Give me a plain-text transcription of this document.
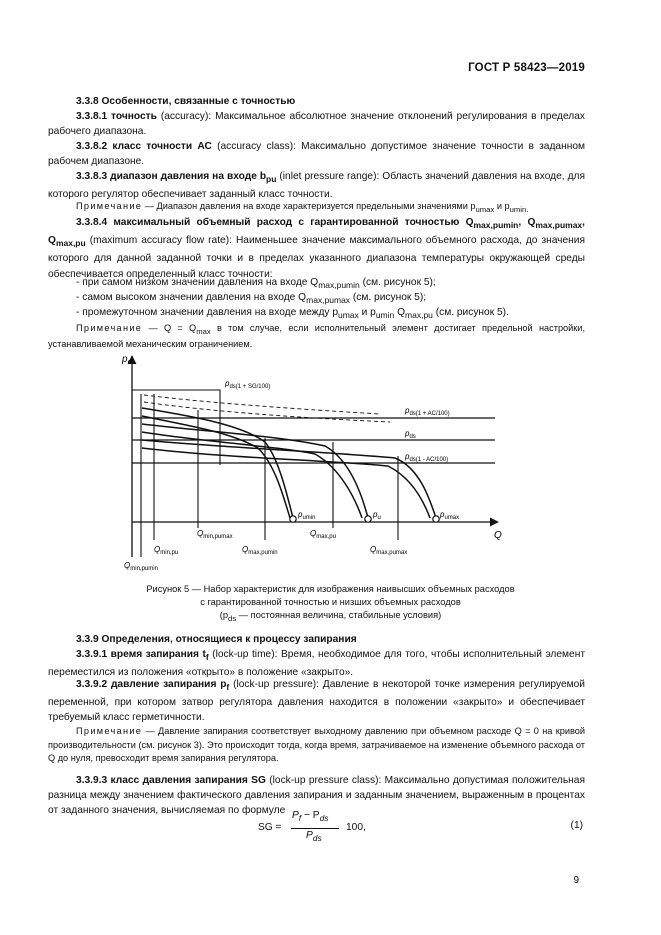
ГОСТ Р 58423—2019
3.3.8 Особенности, связанные с точностью
3.3.8.1 точность (accuracy): Максимальное абсолютное значение отклонений регулирования в пределах рабочего диапазона.
3.3.8.2 класс точности АС (accuracy class): Максимально допустимое значение точности в заданном рабочем диапазоне.
3.3.8.3 диапазон давления на входе $b_{pu}$ (inlet pressure range): Область значений давления на входе, для которого регулятор обеспечивает заданный класс точности.
Примечание — Диапазон давления на входе характеризуется предельными значениями $p_{umax}$ и $p_{umin.}$
3.3.8.4 максимальный объемный расход с гарантированной точностью $Q_{max,pumin}$, $Q_{max,pumax}$, $Q_{max,pu}$ (maximum accuracy flow rate): Наименьшее значение максимального объемного расхода, до значения которого для данной заданной точки и в пределах указанного диапазона температуры окружающей среды обеспечивается определенный класс точности:
- при самом низком значении давления на входе $Q_{max,pumin}$ (см. рисунок 5);
- самом высоком значении давления на входе $Q_{max,pumax}$ (см. рисунок 5);
- промежуточном значении давления на входе между $p_{umax}$ и $p_{umin}$ $Q_{max,pu}$ (см. рисунок 5).
Примечание — $Q = Q_{max}$ в том случае, если исполнительный элемент достигает предельной настройки, устанавливаемой механическим ограничением.
$p_d$
Q
$p_{ds(1 + SG/100)}$
$p_{ds(1 + AC/100)}$
$p_{ds}$
$p_{ds(1 - AC/100)}$
$p_{umin}$	$p_u$	$p_{umax}$
$Q_{min,pumax}$
$Q_{min,pu}$
$Q_{min,pumin}$
$Q_{max,pumin}$
$Q_{max,pu}$
$Q_{max,pumax}$
Рисунок 5 — Набор характеристик для изображения наивысших объемных расходов
с гарантированной точностью и низших объемных расходов
($p_{ds}$ — постоянная величина, стабильные условия)
3.3.9 Определения, относящиеся к процессу запирания
3.3.9.1 время запирания $t_f$ (lock-up time): Время, необходимое для того, чтобы исполнительный элемент переместился из положения «открыто» в положение «закрыто».
3.3.9.2 давление запирания $p_f$ (lock-up pressure): Давление в некоторой точке измерения регулируемой переменной, при котором затвор регулятора давления находится в положении «закрыто» и обеспечивает требуемый класс герметичности.
Примечание — Давление запирания соответствует выходному давлению при объемном расходе Q = 0 на кривой производительности (см. рисунок 3). Это происходит тогда, когда время, затрачиваемое на изменение объемного расхода от Q до нуля, превосходит время запирания регулятора.
3.3.9.3 класс давления запирания SG (lock-up pressure class): Максимально допустимая положительная разница между значением фактического давления запирания и заданным значением, выраженным в процентах от заданного значения, вычисляемая по формуле
SG =
$P_f - P_{ds}$
$P_{ds}$
100,	(1)
9
